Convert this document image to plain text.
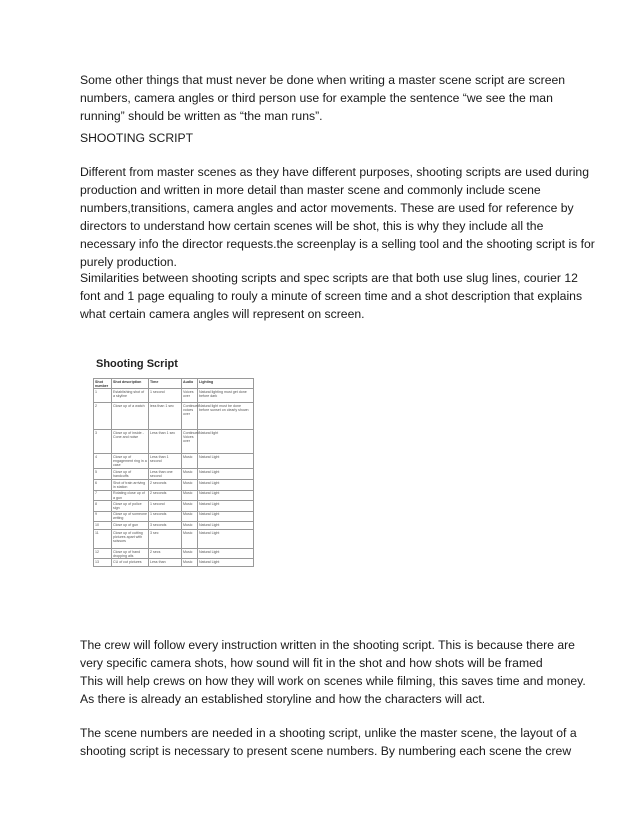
Some other things that must never be done when writing a master scene script are screen
numbers, camera angles or third person use for example the sentence “we see the man
running” should be written as “the man runs”.
SHOOTING SCRIPT
Different from master scenes as they have different purposes, shooting scripts are used during
production and written in more detail than master scene and commonly include scene
numbers,transitions, camera angles and actor movements. These are used for reference by
directors to understand how certain scenes will be shot, this is why they include all the
necessary info the director requests.the screenplay is a selling tool and the shooting script is for
purely production.
Similarities between shooting scripts and spec scripts are that both use slug lines, courier 12
font and 1 page equaling to rouly a minute of screen time and a shot description that explains
what certain camera angles will represent on screen.
Shooting Script
Shot number	Shot description	Time	Audio	Lighting
1	Establishing shot of a skyline	1 second	Voices over	Natural lighting must get done before dark
2	Close up of a watch	less than 1 sec	Continued voices over	Natural light must be done before sunset on clearly shown
3	Close up of inside - Cone and noise	Less than 1 sec	Continued Voices over	Natural light
4	Close up of engagement ring in a case	Less than 1 second	Music	Natural Light
5	Close up of handcuffs	Less than one second	Music	Natural Light
6	Shot of train arriving in station	2 seconds	Music	Natural Light
7	Rotating close up of a gun	2 seconds	Music	Natural Light
8	Close up of police sign	1 second	Music	Natural Light
9	Close up of someone writing	1 seconds	Music	Natural Light
10	Close up of gun	3 seconds	Music	Natural Light
11	Close up of cutting pictures apart with scissors	3 sec	Music	Natural Light
12	Close up of hand dropping alls	2 secs	Music	Natural Light
13	CU of cut pictures	Less than	Music	Natural Light
The crew will follow every instruction written in the shooting script. This is because there are
very specific camera shots, how sound will fit in the shot and how shots will be framed
This will help crews on how they will work on scenes while filming, this saves time and money.
As there is already an established storyline and how the characters will act.
The scene numbers are needed in a shooting script, unlike the master scene, the layout of a
shooting script is necessary to present scene numbers. By numbering each scene the crew
